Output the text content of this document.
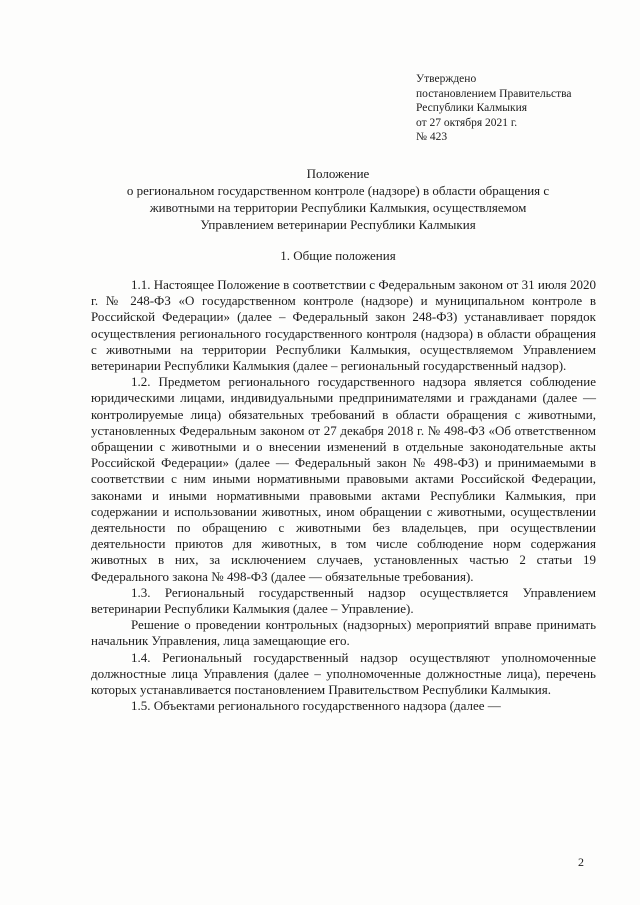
Утверждено
постановлением Правительства
Республики Калмыкия
от 27 октября 2021 г.
№ 423
Положение
о региональном государственном контроле (надзоре) в области обращения с
животными на территории Республики Калмыкия, осуществляемом
Управлением ветеринарии Республики Калмыкия
1. Общие положения

1.1. Настоящее Положение в соответствии с Федеральным законом от 31 июля 2020 г. № 248-ФЗ «О государственном контроле (надзоре) и муниципальном контроле в Российской Федерации» (далее – Федеральный закон 248-ФЗ) устанавливает порядок осуществления регионального государственного контроля (надзора) в области обращения с животными на территории Республики Калмыкия, осуществляемом Управлением ветеринарии Республики Калмыкия (далее – региональный государственный надзор).

1.2. Предметом регионального государственного надзора является соблюдение юридическими лицами, индивидуальными предпринимателями и гражданами (далее — контролируемые лица) обязательных требований в области обращения с животными, установленных Федеральным законом от 27 декабря 2018 г. № 498-ФЗ «Об ответственном обращении с животными и о внесении изменений в отдельные законодательные акты Российской Федерации» (далее — Федеральный закон № 498-ФЗ) и принимаемыми в соответствии с ним иными нормативными правовыми актами Российской Федерации, законами и иными нормативными правовыми актами Республики Калмыкия, при содержании и использовании животных, ином обращении с животными, осуществлении деятельности по обращению с животными без владельцев, при осуществлении деятельности приютов для животных, в том числе соблюдение норм содержания животных в них, за исключением случаев, установленных частью 2 статьи 19 Федерального закона № 498-ФЗ (далее — обязательные требования).

1.3. Региональный государственный надзор осуществляется Управлением ветеринарии Республики Калмыкия (далее – Управление).

Решение о проведении контрольных (надзорных) мероприятий вправе принимать начальник Управления, лица замещающие его.

1.4. Региональный государственный надзор осуществляют уполномоченные должностные лица Управления (далее – уполномоченные должностные лица), перечень которых устанавливается постановлением Правительством Республики Калмыкия.

1.5. Объектами регионального государственного надзора (далее —

2
